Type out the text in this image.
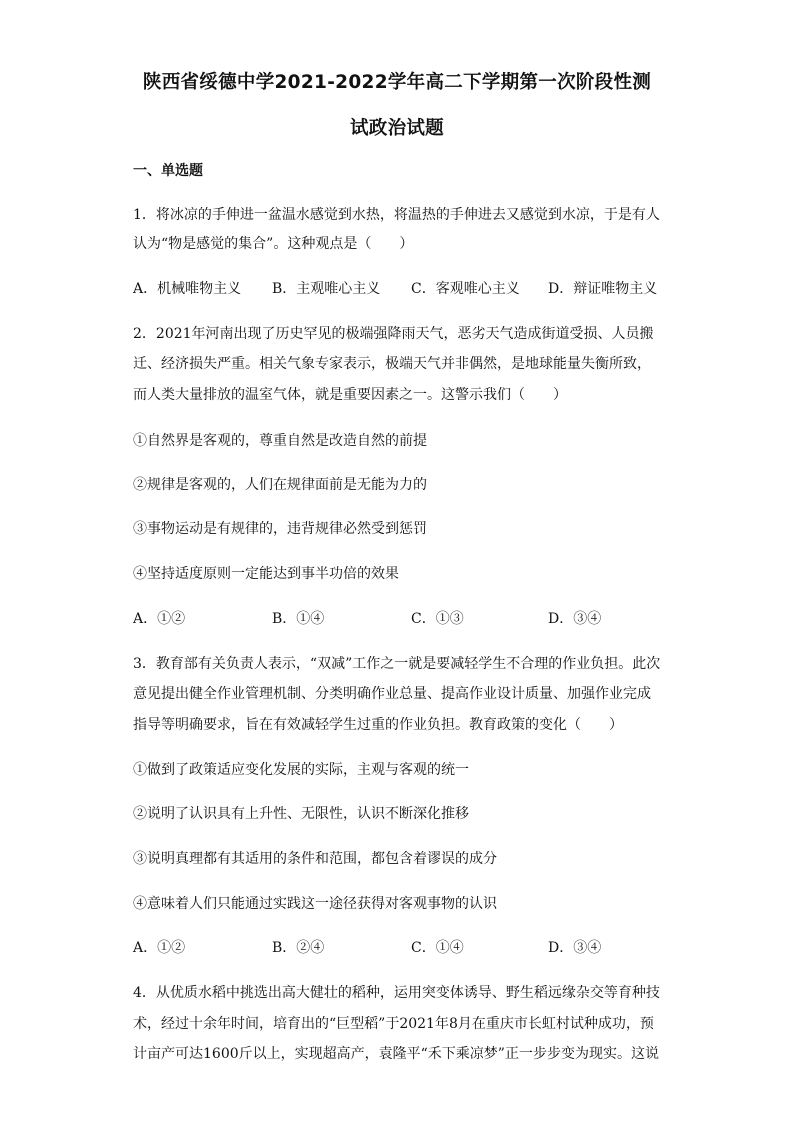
陕西省绥德中学2021-2022学年高二下学期第一次阶段性测
试政治试题
一、单选题
1．将冰凉的手伸进一盆温水感觉到水热，将温热的手伸进去又感觉到水凉，于是有人
认为“物是感觉的集合”。这种观点是（　　）
A．机械唯物主义 B．主观唯心主义 C．客观唯心主义 D．辩证唯物主义
2．2021年河南出现了历史罕见的极端强降雨天气，恶劣天气造成街道受损、人员搬
迁、经济损失严重。相关气象专家表示，极端天气并非偶然，是地球能量失衡所致，
而人类大量排放的温室气体，就是重要因素之一。这警示我们（　　）
①自然界是客观的，尊重自然是改造自然的前提
②规律是客观的，人们在规律面前是无能为力的
③事物运动是有规律的，违背规律必然受到惩罚
④坚持适度原则一定能达到事半功倍的效果
A．①②	B．①④	C．①③	D．③④
3．教育部有关负责人表示，“双减”工作之一就是要减轻学生不合理的作业负担。此次
意见提出健全作业管理机制、分类明确作业总量、提高作业设计质量、加强作业完成
指导等明确要求，旨在有效减轻学生过重的作业负担。教育政策的变化（　　）
①做到了政策适应变化发展的实际，主观与客观的统一
②说明了认识具有上升性、无限性，认识不断深化推移
③说明真理都有其适用的条件和范围，都包含着谬误的成分
④意味着人们只能通过实践这一途径获得对客观事物的认识
A．①②	B．②④	C．①④	D．③④
4．从优质水稻中挑选出高大健壮的稻种，运用突变体诱导、野生稻远缘杂交等育种技
术，经过十余年时间，培育出的“巨型稻”于2021年8月在重庆市长虹村试种成功，预
计亩产可达1600斤以上，实现超高产，袁隆平“禾下乘凉梦”正一步步变为现实。这说
